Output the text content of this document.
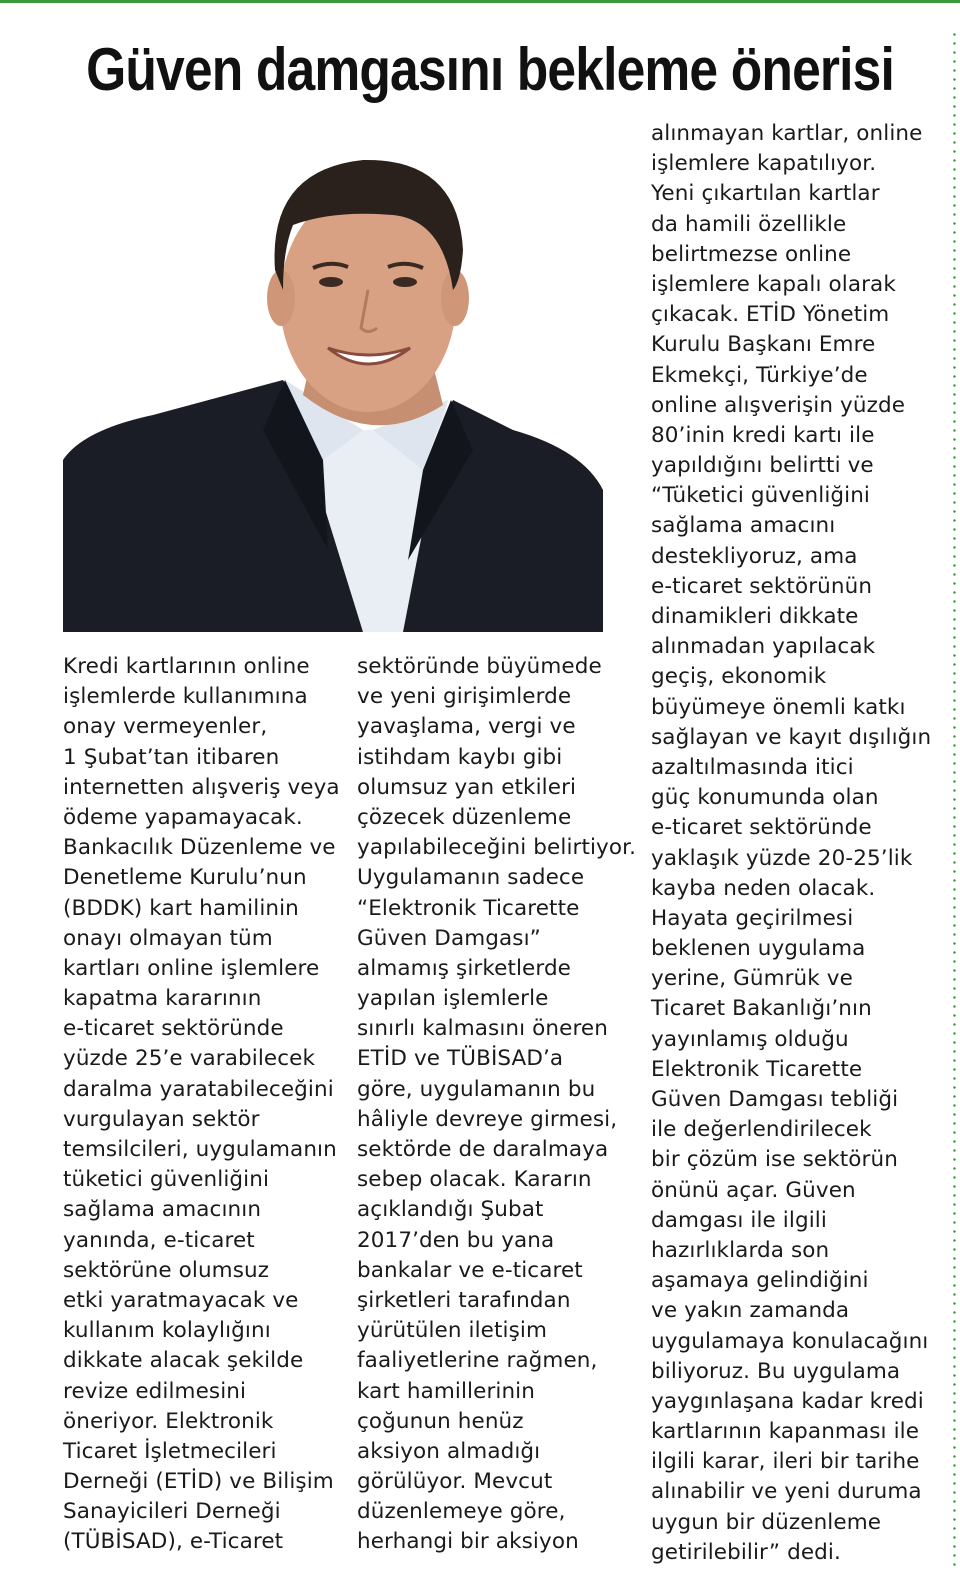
Güven damgasını bekleme önerisi
Kredi kartlarının online
işlemlerde kullanımına
onay vermeyenler,
1 Şubat’tan itibaren
internetten alışveriş veya
ödeme yapamayacak.
Bankacılık Düzenleme ve
Denetleme Kurulu’nun
(BDDK) kart hamilinin
onayı olmayan tüm
kartları online işlemlere
kapatma kararının
e-ticaret sektöründe
yüzde 25’e varabilecek
daralma yaratabileceğini
vurgulayan sektör
temsilcileri, uygulamanın
tüketici güvenliğini
sağlama amacının
yanında, e-ticaret
sektörüne olumsuz
etki yaratmayacak ve
kullanım kolaylığını
dikkate alacak şekilde
revize edilmesini
öneriyor. Elektronik
Ticaret İşletmecileri
Derneği (ETİD) ve Bilişim
Sanayicileri Derneği
(TÜBİSAD), e-Ticaret
sektöründe büyümede
ve yeni girişimlerde
yavaşlama, vergi ve
istihdam kaybı gibi
olumsuz yan etkileri
çözecek düzenleme
yapılabileceğini belirtiyor.
Uygulamanın sadece
“Elektronik Ticarette
Güven Damgası”
almamış şirketlerde
yapılan işlemlerle
sınırlı kalmasını öneren
ETİD ve TÜBİSAD’a
göre, uygulamanın bu
hâliyle devreye girmesi,
sektörde de daralmaya
sebep olacak. Kararın
açıklandığı Şubat
2017’den bu yana
bankalar ve e-ticaret
şirketleri tarafından
yürütülen iletişim
faaliyetlerine rağmen,
kart hamillerinin
çoğunun henüz
aksiyon almadığı
görülüyor. Mevcut
düzenlemeye göre,
herhangi bir aksiyon
alınmayan kartlar, online
işlemlere kapatılıyor.
Yeni çıkartılan kartlar
da hamili özellikle
belirtmezse online
işlemlere kapalı olarak
çıkacak. ETİD Yönetim
Kurulu Başkanı Emre
Ekmekçi, Türkiye’de
online alışverişin yüzde
80’inin kredi kartı ile
yapıldığını belirtti ve
“Tüketici güvenliğini
sağlama amacını
destekliyoruz, ama
e-ticaret sektörünün
dinamikleri dikkate
alınmadan yapılacak
geçiş, ekonomik
büyümeye önemli katkı
sağlayan ve kayıt dışılığın
azaltılmasında itici
güç konumunda olan
e-ticaret sektöründe
yaklaşık yüzde 20-25’lik
kayba neden olacak.
Hayata geçirilmesi
beklenen uygulama
yerine, Gümrük ve
Ticaret Bakanlığı’nın
yayınlamış olduğu
Elektronik Ticarette
Güven Damgası tebliği
ile değerlendirilecek
bir çözüm ise sektörün
önünü açar. Güven
damgası ile ilgili
hazırlıklarda son
aşamaya gelindiğini
ve yakın zamanda
uygulamaya konulacağını
biliyoruz. Bu uygulama
yaygınlaşana kadar kredi
kartlarının kapanması ile
ilgili karar, ileri bir tarihe
alınabilir ve yeni duruma
uygun bir düzenleme
getirilebilir” dedi.
